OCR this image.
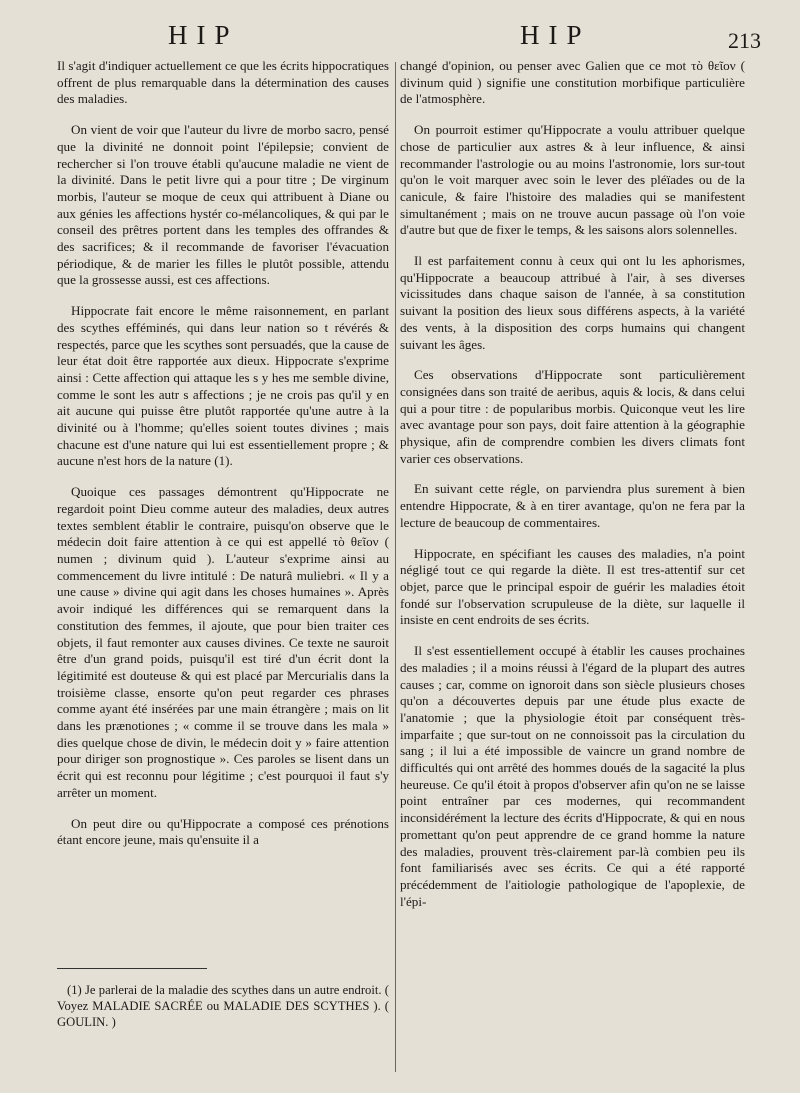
HIP	HIP	213

Il s'agit d'indiquer actuellement ce que les écrits hippocratiques offrent de plus remarquable dans la détermination des causes des maladies.

On vient de voir que l'auteur du livre de morbo sacro, pensé que la divinité ne donnoit point l'épilepsie; convient de rechercher si l'on trouve établi qu'aucune maladie ne vient de la divinité. Dans le petit livre qui a pour titre ; De virginum morbis, l'auteur se moque de ceux qui attribuent à Diane ou aux génies les affections hystér co-mélancoliques, & qui par le conseil des prêtres portent dans les temples des offrandes & des sacrifices; & il recommande de favoriser l'évacuation périodique, & de marier les filles le plutôt possible, attendu que la grossesse aussi, est ces affections.

Hippocrate fait encore le même raisonnement, en parlant des scythes efféminés, qui dans leur nation so t révérés & respectés, parce que les scythes sont persuadés, que la cause de leur état doit être rapportée aux dieux. Hippocrate s'exprime ainsi : Cette affection qui attaque les s y hes me semble divine, comme le sont les autr s affections ; je ne crois pas qu'il y en ait aucune qui puisse être plutôt rapportée qu'une autre à la divinité ou à l'homme; qu'elles soient toutes divines ; mais chacune est d'une nature qui lui est essentiellement propre ; & aucune n'est hors de la nature (1).

Quoique ces passages démontrent qu'Hippocrate ne regardoit point Dieu comme auteur des maladies, deux autres textes semblent établir le contraire, puisqu'on observe que le médecin doit faire attention à ce qui est appellé τὸ θεῖον ( numen ; divinum quid ). L'auteur s'exprime ainsi au commencement du livre intitulé : De naturâ muliebri. « Il y a une cause » divine qui agit dans les choses humaines ». Après avoir indiqué les différences qui se remarquent dans la constitution des femmes, il ajoute, que pour bien traiter ces objets, il faut remonter aux causes divines. Ce texte ne sauroit être d'un grand poids, puisqu'il est tiré d'un écrit dont la légitimité est douteuse & qui est placé par Mercurialis dans la troisième classe, ensorte qu'on peut regarder ces phrases comme ayant été insérées par une main étrangère ; mais on lit dans les prænotiones ; « comme il se trouve dans les mala » dies quelque chose de divin, le médecin doit y » faire attention pour diriger son prognostique ». Ces paroles se lisent dans un écrit qui est reconnu pour légitime ; c'est pourquoi il faut s'y arrêter un moment.

On peut dire ou qu'Hippocrate a composé ces prénotions étant encore jeune, mais qu'ensuite il a

changé d'opinion, ou penser avec Galien que ce mot τὸ θεῖον ( divinum quid ) signifie une constitution morbifique particulière de l'atmosphère.

On pourroit estimer qu'Hippocrate a voulu attribuer quelque chose de particulier aux astres & à leur influence, & ainsi recommander l'astrologie ou au moins l'astronomie, lors sur-tout qu'on le voit marquer avec soin le lever des pléïades ou de la canicule, & faire l'histoire des maladies qui se manifestent simultanément ; mais on ne trouve aucun passage où l'on voie d'autre but que de fixer le temps, & les saisons alors solennelles.

Il est parfaitement connu à ceux qui ont lu les aphorismes, qu'Hippocrate a beaucoup attribué à l'air, à ses diverses vicissitudes dans chaque saison de l'année, à sa constitution suivant la position des lieux sous différens aspects, à la variété des vents, à la disposition des corps humains qui changent suivant les âges.

Ces observations d'Hippocrate sont particulièrement consignées dans son traité de aeribus, aquis & locis, & dans celui qui a pour titre : de popularibus morbis. Quiconque veut les lire avec avantage pour son pays, doit faire attention à la géographie physique, afin de comprendre combien les divers climats font varier ces observations.

En suivant cette régle, on parviendra plus surement à bien entendre Hippocrate, & à en tirer avantage, qu'on ne fera par la lecture de beaucoup de commentaires.

Hippocrate, en spécifiant les causes des maladies, n'a point négligé tout ce qui regarde la diète. Il est tres-attentif sur cet objet, parce que le principal espoir de guérir les maladies étoit fondé sur l'observation scrupuleuse de la diète, sur laquelle il insiste en cent endroits de ses écrits.

Il s'est essentiellement occupé à établir les causes prochaines des maladies ; il a moins réussi à l'égard de la plupart des autres causes ; car, comme on ignoroit dans son siècle plusieurs choses qu'on a découvertes depuis par une étude plus exacte de l'anatomie ; que la physiologie étoit par conséquent très-imparfaite ; que sur-tout on ne connoissoit pas la circulation du sang ; il lui a été impossible de vaincre un grand nombre de difficultés qui ont arrêté des hommes doués de la sagacité la plus heureuse. Ce qu'il étoit à propos d'observer afin qu'on ne se laisse point entraîner par ces modernes, qui recommandent inconsidérément la lecture des écrits d'Hippocrate, & qui en nous promettant qu'on peut apprendre de ce grand homme la nature des maladies, prouvent très-clairement par-là combien peu ils font familiarisés avec ses écrits. Ce qui a été rapporté précédemment de l'aitiologie pathologique de l'apoplexie, de l'épi-

(1) Je parlerai de la maladie des scythes dans un autre endroit. ( Voyez MALADIE SACRÉE ou MALADIE DES SCYTHES ). ( GOULIN. )
